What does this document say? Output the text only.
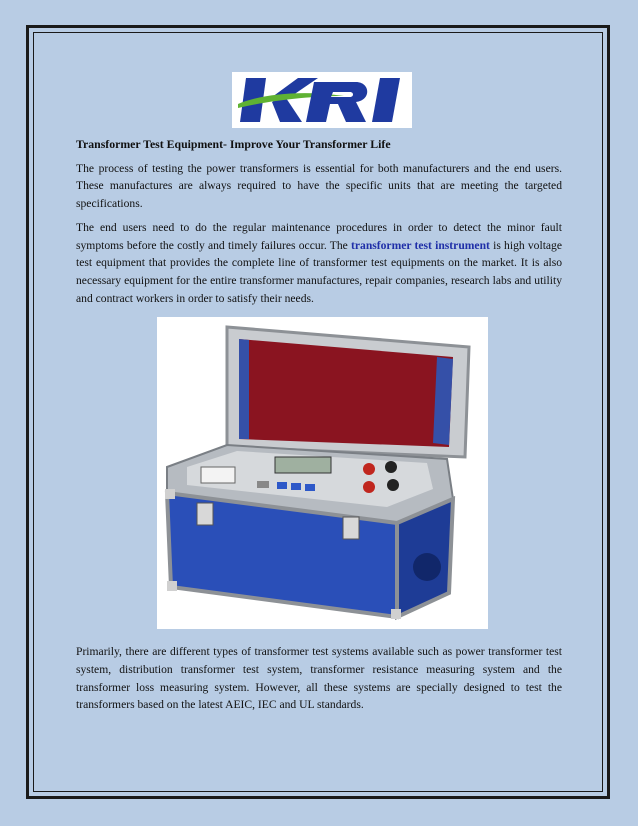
Transformer Test Equipment- Improve Your Transformer Life

The process of testing the power transformers is essential for both manufacturers and the end users. These manufactures are always required to have the specific units that are meeting the targeted specifications.

The end users need to do the regular maintenance procedures in order to detect the minor fault symptoms before the costly and timely failures occur. The transformer test instrument is high voltage test equipment that provides the complete line of transformer test equipments on the market. It is also necessary equipment for the entire transformer manufactures, repair companies, research labs and utility and contract workers in order to satisfy their needs.

Primarily, there are different types of transformer test systems available such as power transformer test system, distribution transformer test system, transformer resistance measuring system and the transformer loss measuring system. However, all these systems are specially designed to test the transformers based on the latest AEIC, IEC and UL standards.
